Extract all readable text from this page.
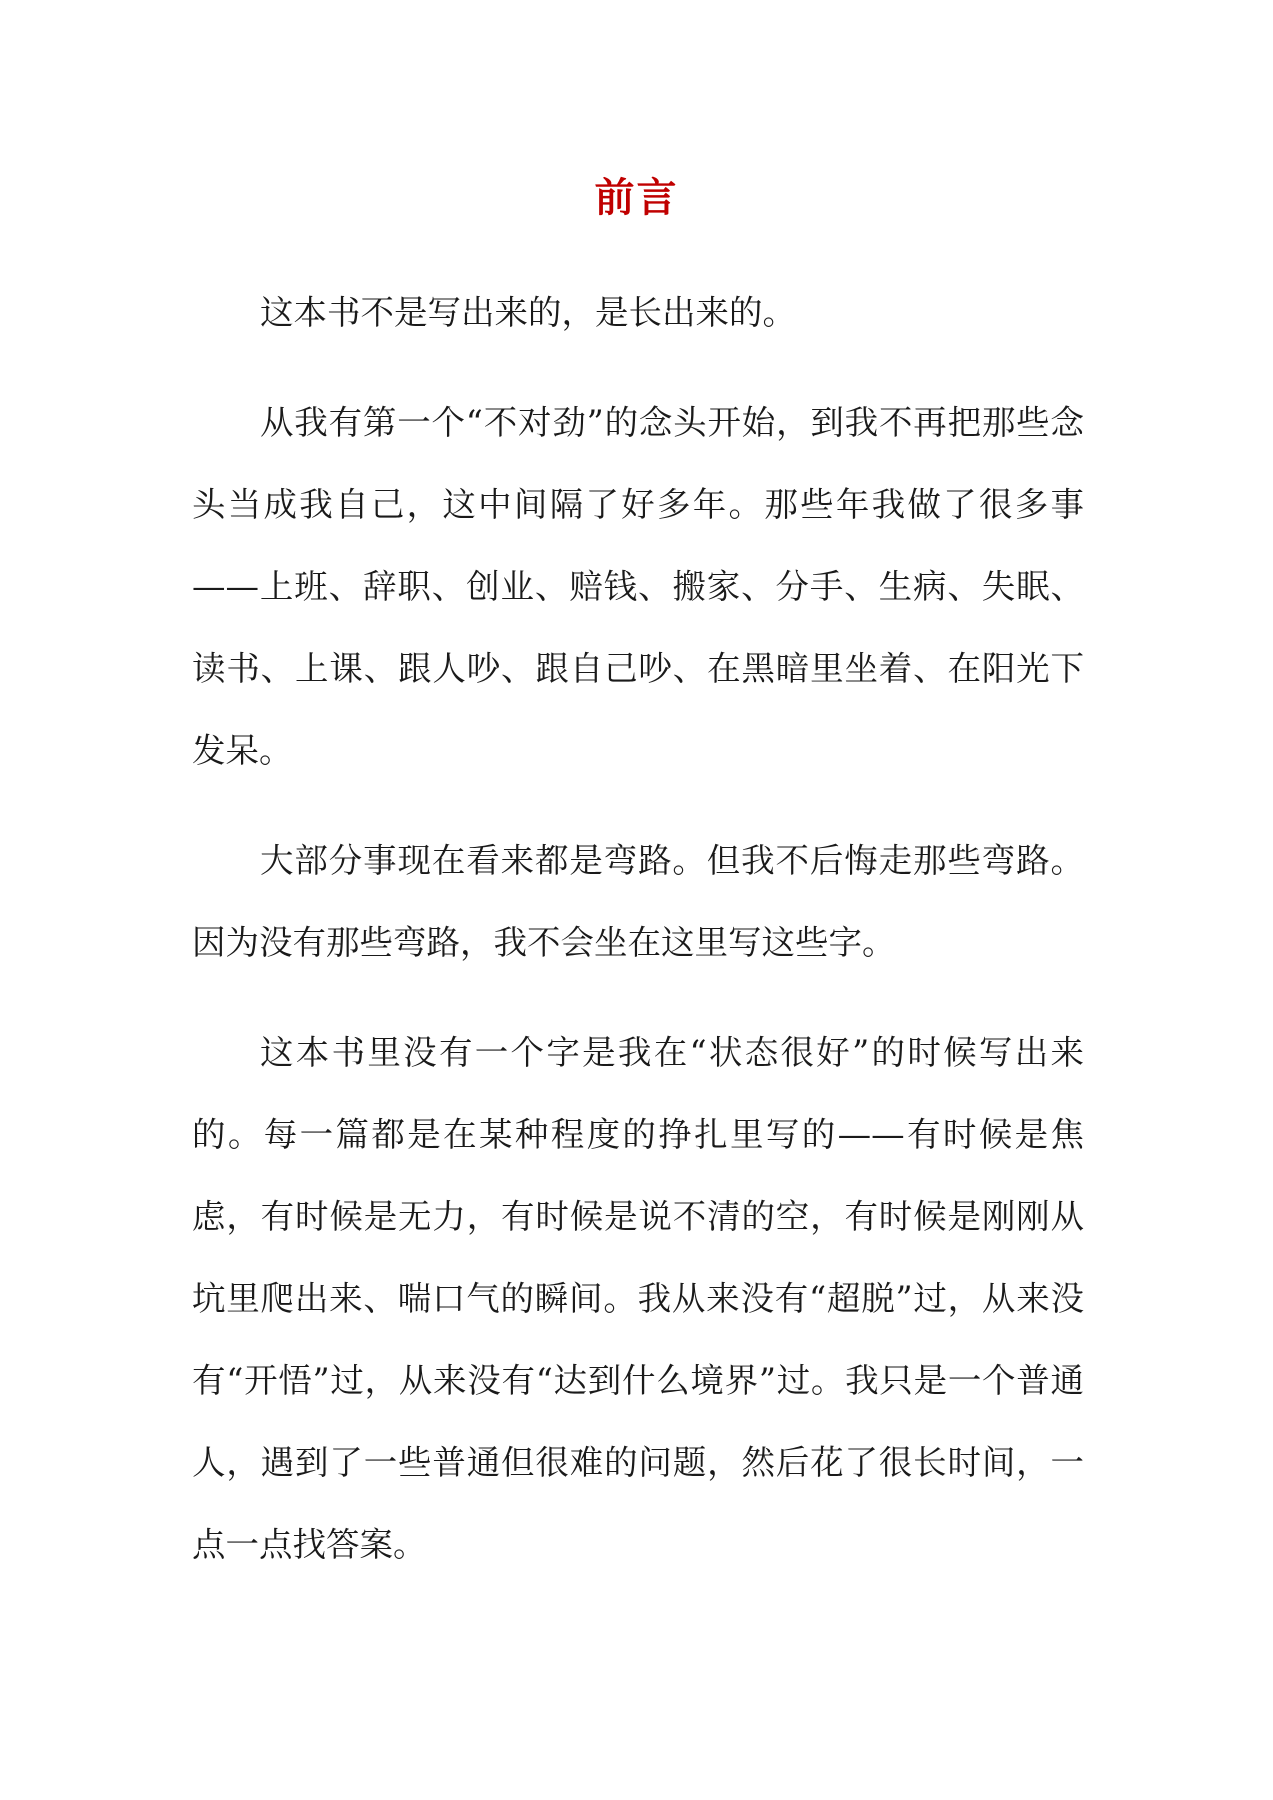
前言

这本书不是写出来的，是长出来的。

从我有第一个“不对劲”的念头开始，到我不再把那些念头当成我自己，这中间隔了好多年。那些年我做了很多事——上班、辞职、创业、赔钱、搬家、分手、生病、失眠、读书、上课、跟人吵、跟自己吵、在黑暗里坐着、在阳光下发呆。

大部分事现在看来都是弯路。但我不后悔走那些弯路。因为没有那些弯路，我不会坐在这里写这些字。

这本书里没有一个字是我在“状态很好”的时候写出来的。每一篇都是在某种程度的挣扎里写的——有时候是焦虑，有时候是无力，有时候是说不清的空，有时候是刚刚从坑里爬出来、喘口气的瞬间。我从来没有“超脱”过，从来没有“开悟”过，从来没有“达到什么境界”过。我只是一个普通人，遇到了一些普通但很难的问题，然后花了很长时间，一点一点找答案。
